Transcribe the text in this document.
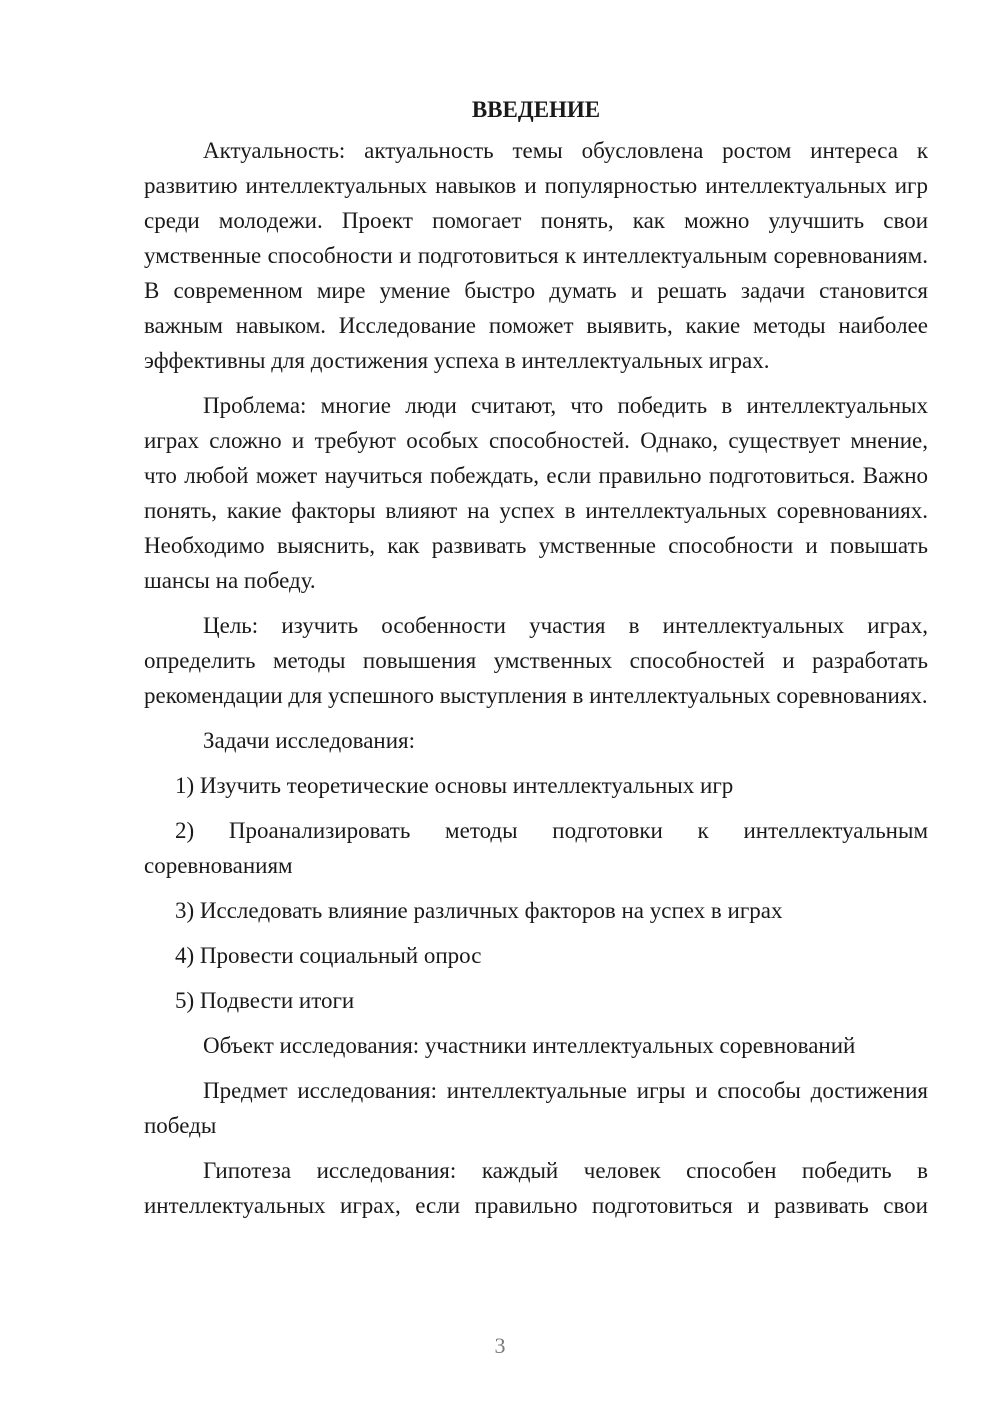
ВВЕДЕНИЕ

Актуальность: актуальность темы обусловлена ростом интереса к развитию интеллектуальных навыков и популярностью интеллектуальных игр среди молодежи. Проект помогает понять, как можно улучшить свои умственные способности и подготовиться к интеллектуальным соревнованиям. В современном мире умение быстро думать и решать задачи становится важным навыком. Исследование поможет выявить, какие методы наиболее эффективны для достижения успеха в интеллектуальных играх.

Проблема: многие люди считают, что победить в интеллектуальных играх сложно и требуют особых способностей. Однако, существует мнение, что любой может научиться побеждать, если правильно подготовиться. Важно понять, какие факторы влияют на успех в интеллектуальных соревнованиях. Необходимо выяснить, как развивать умственные способности и повышать шансы на победу.

Цель: изучить особенности участия в интеллектуальных играх, определить методы повышения умственных способностей и разработать рекомендации для успешного выступления в интеллектуальных соревнованиях.

Задачи исследования:

1) Изучить теоретические основы интеллектуальных игр

2) Проанализировать методы подготовки к интеллектуальным соревнованиям

3) Исследовать влияние различных факторов на успех в играх

4) Провести социальный опрос

5) Подвести итоги

Объект исследования: участники интеллектуальных соревнований

Предмет исследования: интеллектуальные игры и способы достижения победы

Гипотеза исследования: каждый человек способен победить в интеллектуальных играх, если правильно подготовиться и развивать свои

3
